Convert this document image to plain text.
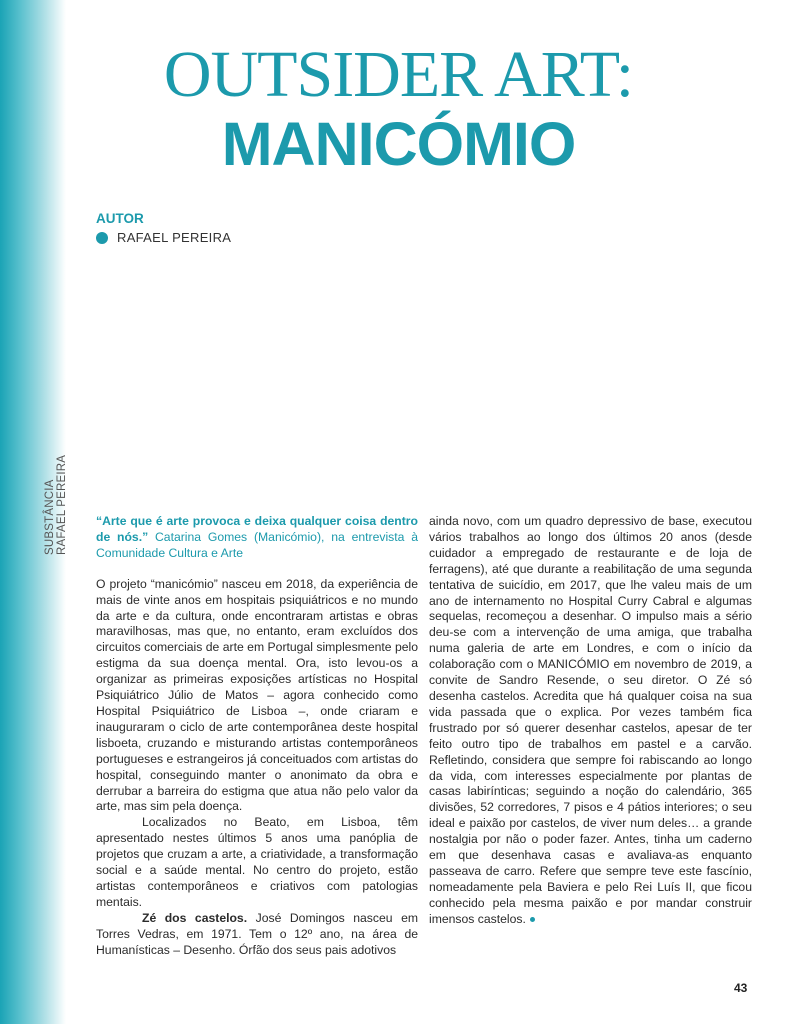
SUBSTÂNCIA RAFAEL PEREIRA
OUTSIDER ART:
MANICÓMIO
AUTOR
RAFAEL PEREIRA

“Arte que é arte provoca e deixa qualquer coisa dentro de nós.” Catarina Gomes (Manicómio), na entrevista à Comunidade Cultura e Arte

O projeto “manicómio” nasceu em 2018, da experiência de mais de vinte anos em hospitais psiquiátricos e no mundo da arte e da cultura, onde encontraram artistas e obras maravilhosas, mas que, no entanto, eram excluídos dos circuitos comerciais de arte em Portugal simplesmente pelo estigma da sua doença mental. Ora, isto levou-os a organizar as primeiras exposições artísticas no Hospital Psiquiátrico Júlio de Matos – agora conhecido como Hospital Psiquiátrico de Lisboa –, onde criaram e inauguraram o ciclo de arte contemporânea deste hospital lisboeta, cruzando e misturando artistas contemporâneos portugueses e estrangeiros já conceituados com artistas do hospital, conseguindo manter o anonimato da obra e derrubar a barreira do estigma que atua não pelo valor da arte, mas sim pela doença.

Localizados no Beato, em Lisboa, têm apresentado nestes últimos 5 anos uma panóplia de projetos que cruzam a arte, a criatividade, a transformação social e a saúde mental. No centro do projeto, estão artistas contemporâneos e criativos com patologias mentais.

Zé dos castelos. José Domingos nasceu em Torres Vedras, em 1971. Tem o 12º ano, na área de Humanísticas – Desenho. Órfão dos seus pais adotivos

ainda novo, com um quadro depressivo de base, executou vários trabalhos ao longo dos últimos 20 anos (desde cuidador a empregado de restaurante e de loja de ferragens), até que durante a reabilitação de uma segunda tentativa de suicídio, em 2017, que lhe valeu mais de um ano de internamento no Hospital Curry Cabral e algumas sequelas, recomeçou a desenhar. O impulso mais a sério deu-se com a intervenção de uma amiga, que trabalha numa galeria de arte em Londres, e com o início da colaboração com o MANICÓMIO em novembro de 2019, a convite de Sandro Resende, o seu diretor. O Zé só desenha castelos. Acredita que há qualquer coisa na sua vida passada que o explica. Por vezes também fica frustrado por só querer desenhar castelos, apesar de ter feito outro tipo de trabalhos em pastel e a carvão. Refletindo, considera que sempre foi rabiscando ao longo da vida, com interesses especialmente por plantas de casas labirínticas; seguindo a noção do calendário, 365 divisões, 52 corredores, 7 pisos e 4 pátios interiores; o seu ideal e paixão por castelos, de viver num deles… a grande nostalgia por não o poder fazer. Antes, tinha um caderno em que desenhava casas e avaliava-as enquanto passeava de carro. Refere que sempre teve este fascínio, nomeadamente pela Baviera e pelo Rei Luís II, que ficou conhecido pela mesma paixão e por mandar construir imensos castelos.

43
